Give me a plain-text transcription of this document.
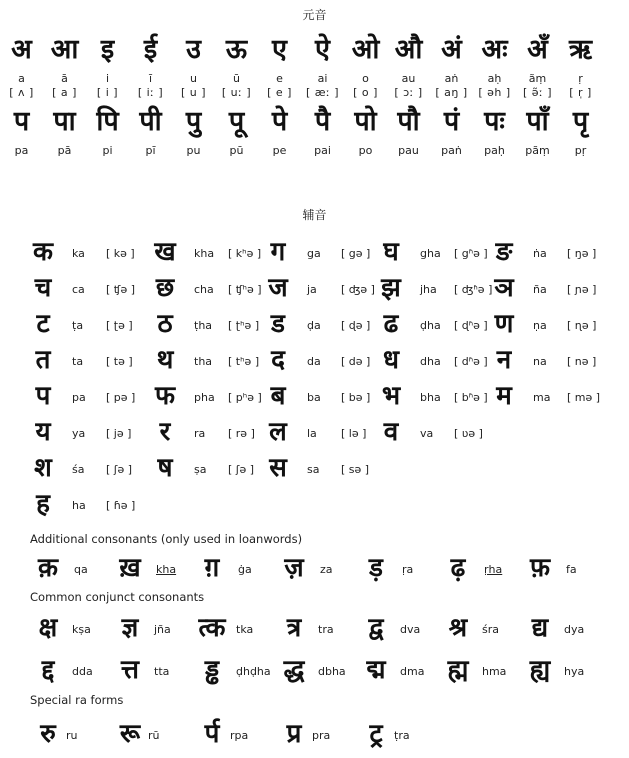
元音
अ आ इ	ई	उ ऊ ए	ऐ ओ औ अं अः अँ ऋ
a	ā	i	ī	u	ū	e	ai	o	au	aṅ	aḥ	ãṃ	ṛ
[ ʌ ]	[ a ]	[ i ]	[ iː ]	[ u ]	[ uː ]	[ e ]	[ æː ]	[ o ]	[ ɔː ]	[ aŋ ] [ əh ]	[ ə̃ː ]	[ r̩ ]
प पा पि पी पु	पू	पे	पै पो पौ पं पः पाँ पृ
pa	pā	pi	pī	pu	pū	pe	pai	po	pau	paṅ	paḥ	pãṃ	pṛ
辅音
क	ka [ kə ] ख	kha [ kʰə ] ग	ga [ gə ] घ	gha [ gʱə ] ङ	ṅa [ ŋə ]
च	ca [ ʧə ] छ	cha [ ʧʰə ] ज	ja [ ʤə ] झ	jha [ ʤʱə ] ञ	ña [ ɲə ]
ट	ṭa [ ʈə ] ठ	ṭha [ ʈʰə ] ड	ḍa [ ɖə ] ढ	ḍha [ ɖʱə ] ण	ṇa [ ɳə ]
त	ta [ tə ] थ	tha [ tʰə ] द	da [ də ] ध	dha [ dʱə ] न	na [ nə ]
प	pa [ pə ] फ	pha [ pʰə ] ब	ba [ bə ] भ	bha [ bʱə ] म	ma [ mə ]
य	ya [ jə ]	र	ra [ rə ] ल	la [ lə ] व	va [ ʋə ]
श	śa [ ʃə ] ष	ṣa [ ʃə ] स	sa [ sə ]
ह	ha [ ɦə ]
Additional consonants (only used in loanwords)
क़	qa ख़	kha	ग़	ġa	ज़	za	ड़	ṛa	ढ़	ṛha	फ़	fa
Common conjunct consonants
क्ष	kṣa	ज्ञ	jña त्क tka	त्र	tra	द्व	dva	श्र	śra	द्य	dya
द्द	dda	त्त	tta	ड्ढ	ḍhḍha द्ध	dbha द्म	dma ह्म	hma ह्य	hya
Special ra forms
रु ru	रू rū	र्प rpa	प्र pra	ट्र	ṭra
